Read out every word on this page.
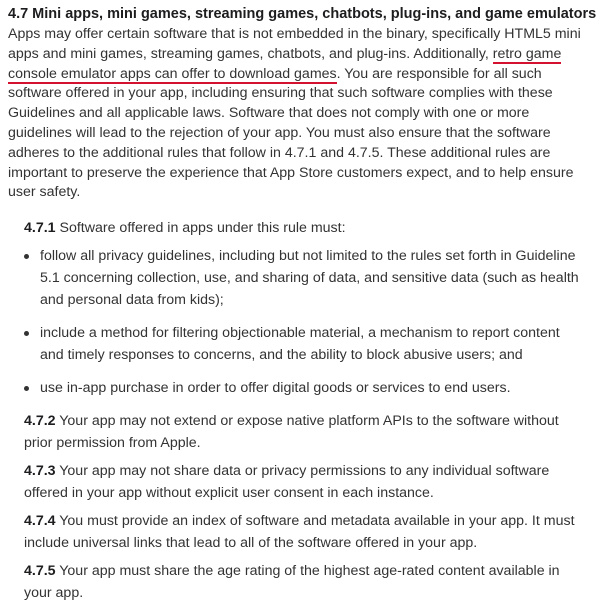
4.7 Mini apps, mini games, streaming games, chatbots, plug-ins, and game emulators

Apps may offer certain software that is not embedded in the binary, specifically HTML5 mini apps and mini games, streaming games, chatbots, and plug-ins. Additionally, retro game console emulator apps can offer to download games. You are responsible for all such software offered in your app, including ensuring that such software complies with these Guidelines and all applicable laws. Software that does not comply with one or more guidelines will lead to the rejection of your app. You must also ensure that the software adheres to the additional rules that follow in 4.7.1 and 4.7.5. These additional rules are important to preserve the experience that App Store customers expect, and to help ensure user safety.

4.7.1 Software offered in apps under this rule must:
follow all privacy guidelines, including but not limited to the rules set forth in Guideline 5.1 concerning collection, use, and sharing of data, and sensitive data (such as health and personal data from kids);
include a method for filtering objectionable material, a mechanism to report content and timely responses to concerns, and the ability to block abusive users; and
use in-app purchase in order to offer digital goods or services to end users.

4.7.2 Your app may not extend or expose native platform APIs to the software without prior permission from Apple.

4.7.3 Your app may not share data or privacy permissions to any individual software offered in your app without explicit user consent in each instance.

4.7.4 You must provide an index of software and metadata available in your app. It must include universal links that lead to all of the software offered in your app.

4.7.5 Your app must share the age rating of the highest age-rated content available in your app.
